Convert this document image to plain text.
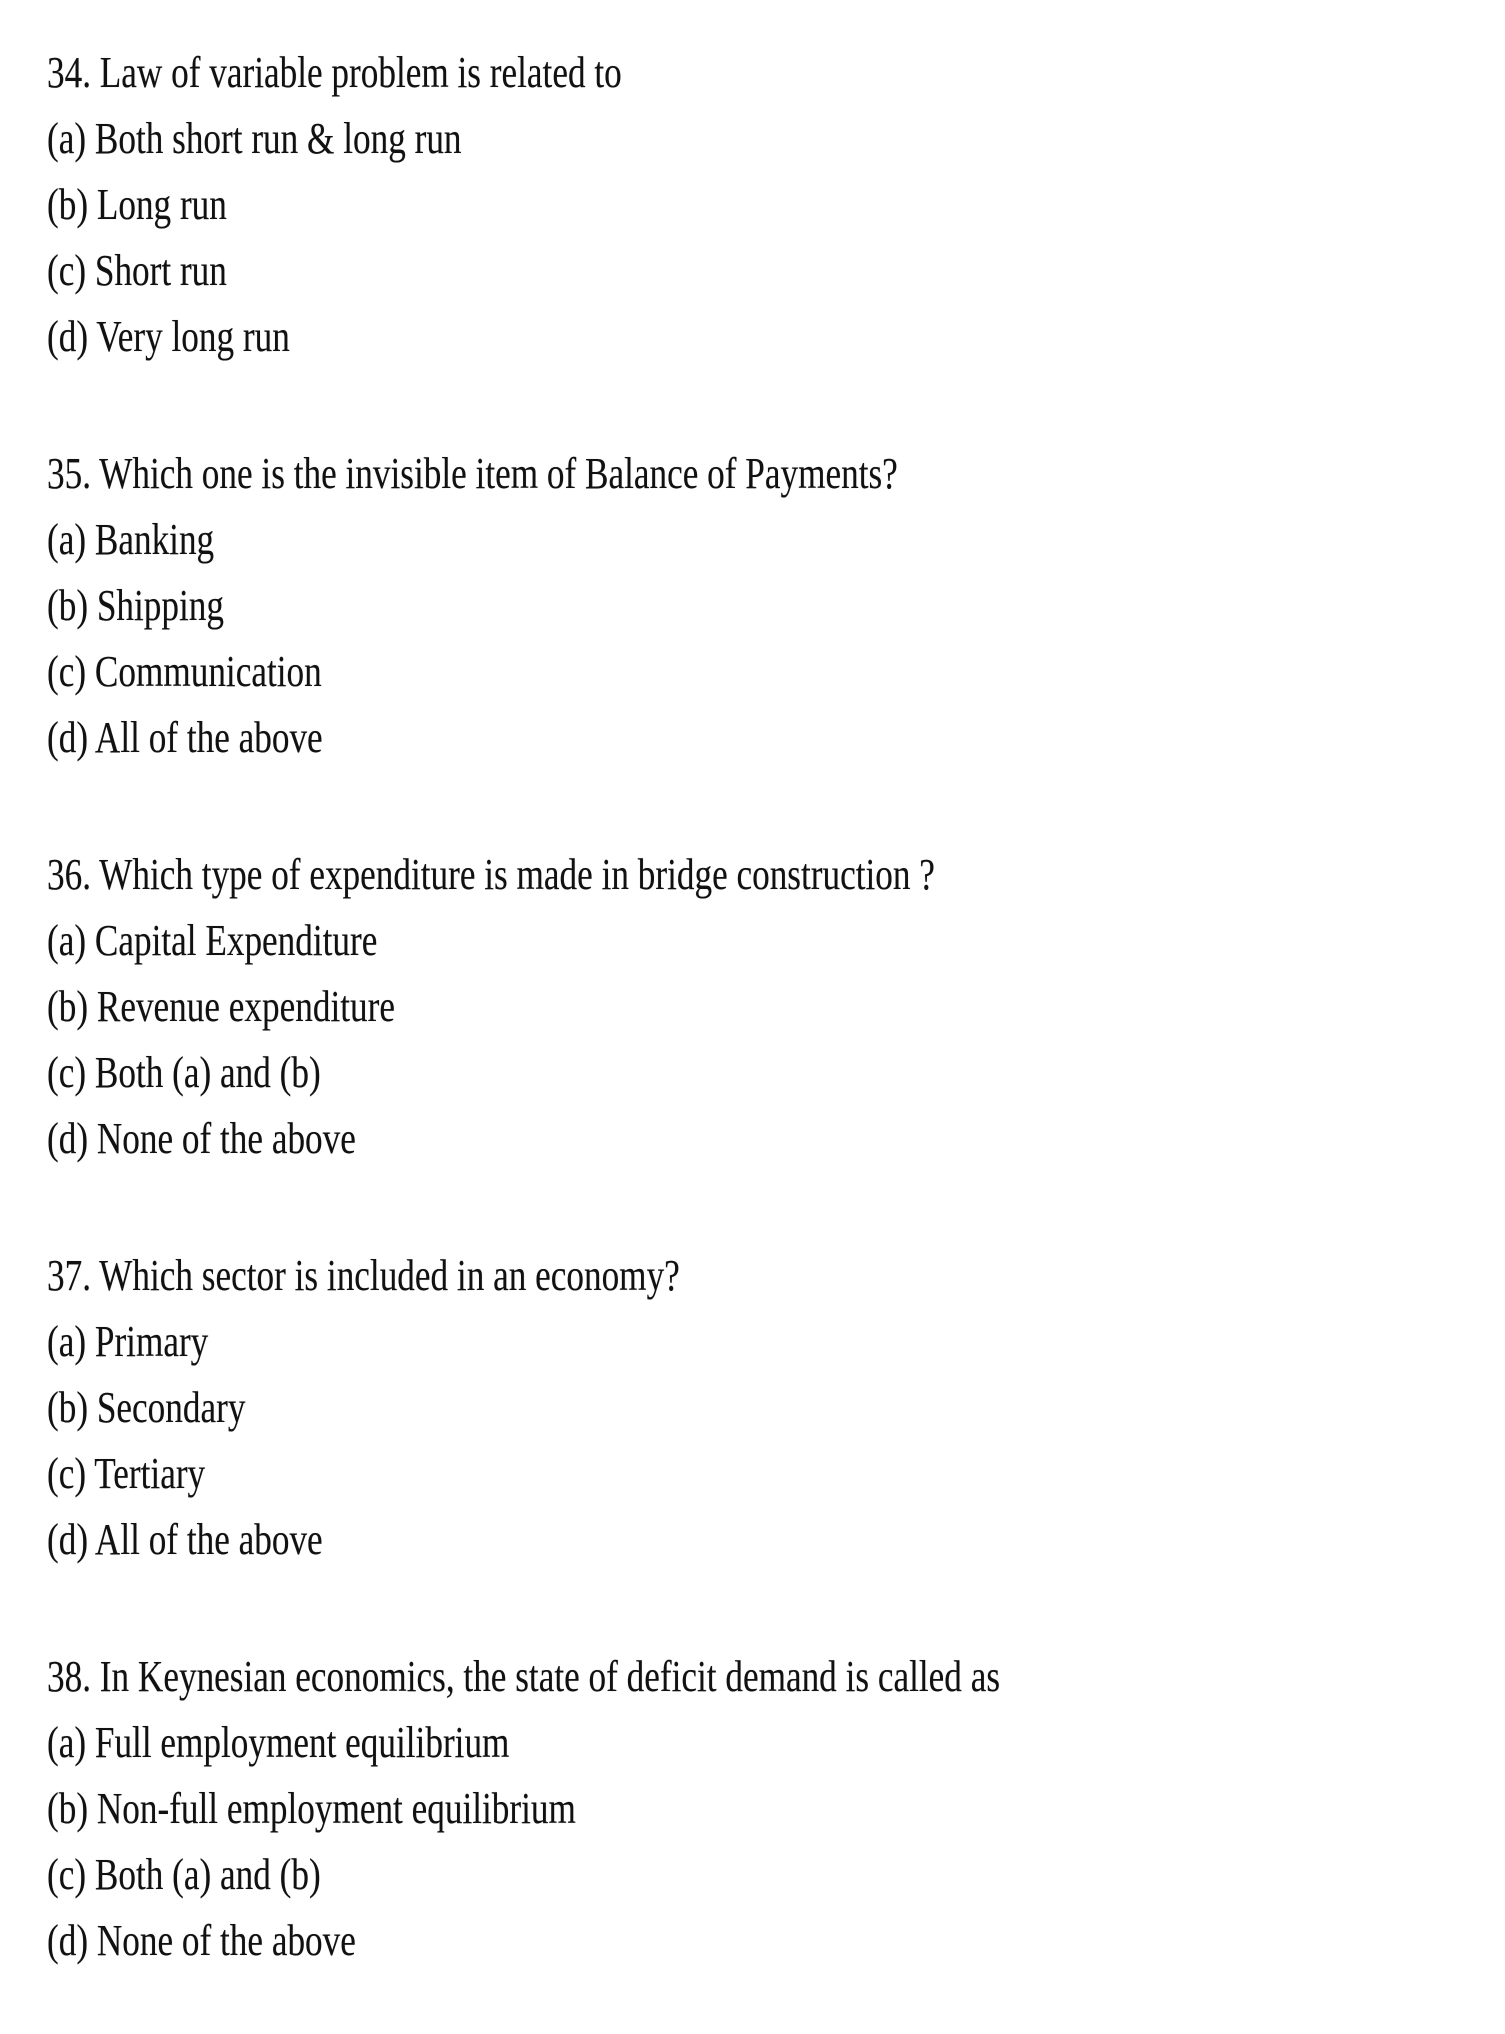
34. Law of variable problem is related to
(a) Both short run & long run
(b) Long run
(c) Short run
(d) Very long run
35. Which one is the invisible item of Balance of Payments?
(a) Banking
(b) Shipping
(c) Communication
(d) All of the above
36. Which type of expenditure is made in bridge construction ?
(a) Capital Expenditure
(b) Revenue expenditure
(c) Both (a) and (b)
(d) None of the above
37. Which sector is included in an economy?
(a) Primary
(b) Secondary
(c) Tertiary
(d) All of the above
38. In Keynesian economics, the state of deficit demand is called as
(a) Full employment equilibrium
(b) Non-full employment equilibrium
(c) Both (a) and (b)
(d) None of the above
